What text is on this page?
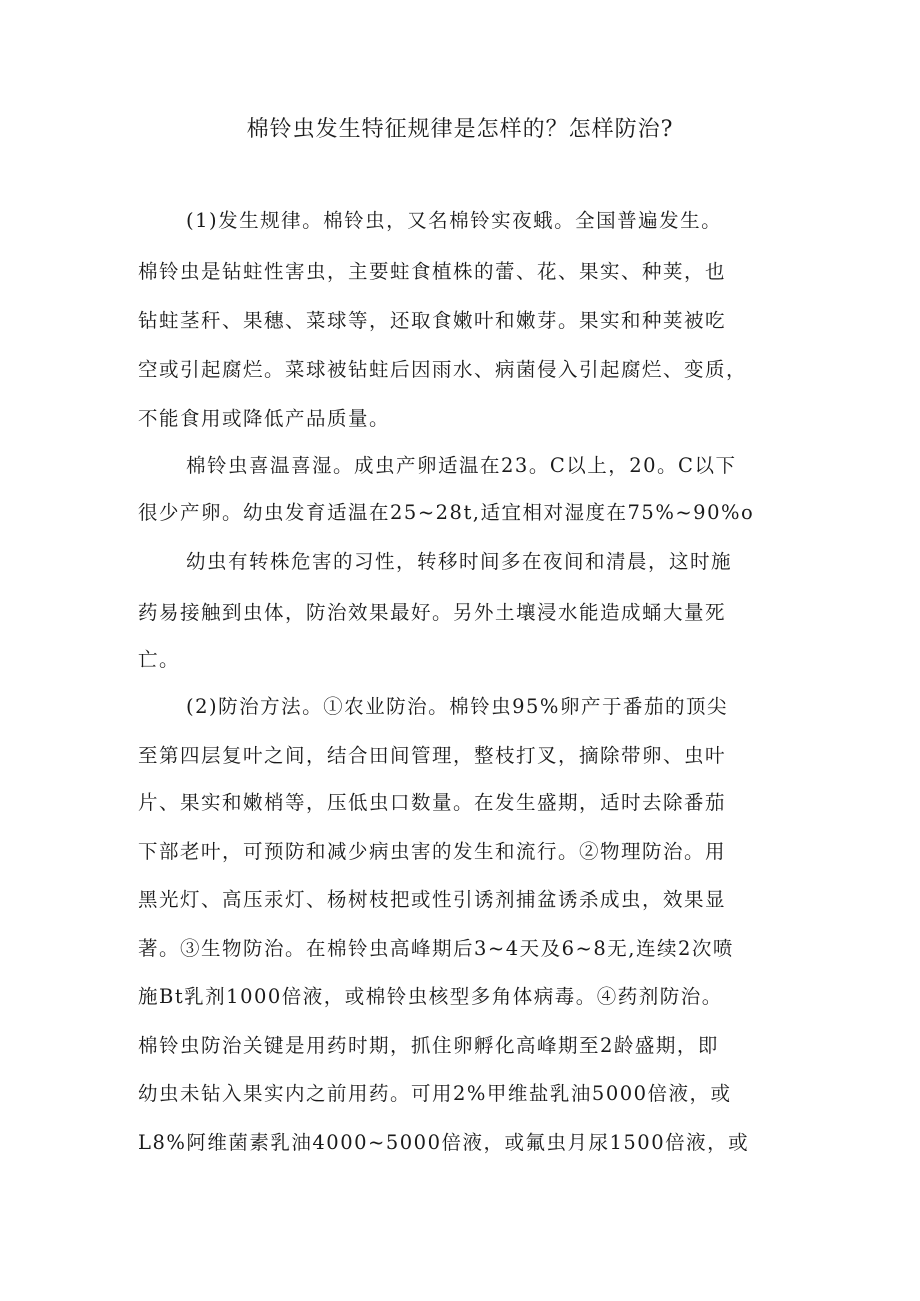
棉铃虫发生特征规律是怎样的？怎样防治?
(1)发生规律。棉铃虫，又名棉铃实夜蛾。全国普遍发生。
棉铃虫是钻蛀性害虫，主要蛀食植株的蕾、花、果实、种荚，也
钻蛀茎秆、果穗、菜球等，还取食嫩叶和嫩芽。果实和种荚被吃
空或引起腐烂。菜球被钻蛀后因雨水、病菌侵入引起腐烂、变质，
不能食用或降低产品质量。
棉铃虫喜温喜湿。成虫产卵适温在23。C以上，20。C以下
很少产卵。幼虫发育适温在25~28t,适宜相对湿度在75%~90%o
幼虫有转株危害的习性，转移时间多在夜间和清晨，这时施
药易接触到虫体，防治效果最好。另外土壤浸水能造成蛹大量死
亡。
(2)防治方法。①农业防治。棉铃虫95%卵产于番茄的顶尖
至第四层复叶之间，结合田间管理，整枝打叉，摘除带卵、虫叶
片、果实和嫩梢等，压低虫口数量。在发生盛期，适时去除番茄
下部老叶，可预防和减少病虫害的发生和流行。②物理防治。用
黑光灯、高压汞灯、杨树枝把或性引诱剂捕盆诱杀成虫，效果显
著。③生物防治。在棉铃虫高峰期后3~4天及6~8无,连续2次喷
施Bt乳剂1000倍液，或棉铃虫核型多角体病毒。④药剂防治。
棉铃虫防治关键是用药时期，抓住卵孵化高峰期至2龄盛期，即
幼虫未钻入果实内之前用药。可用2%甲维盐乳油5000倍液，或
L8%阿维菌素乳油4000~5000倍液，或氟虫月尿1500倍液，或
